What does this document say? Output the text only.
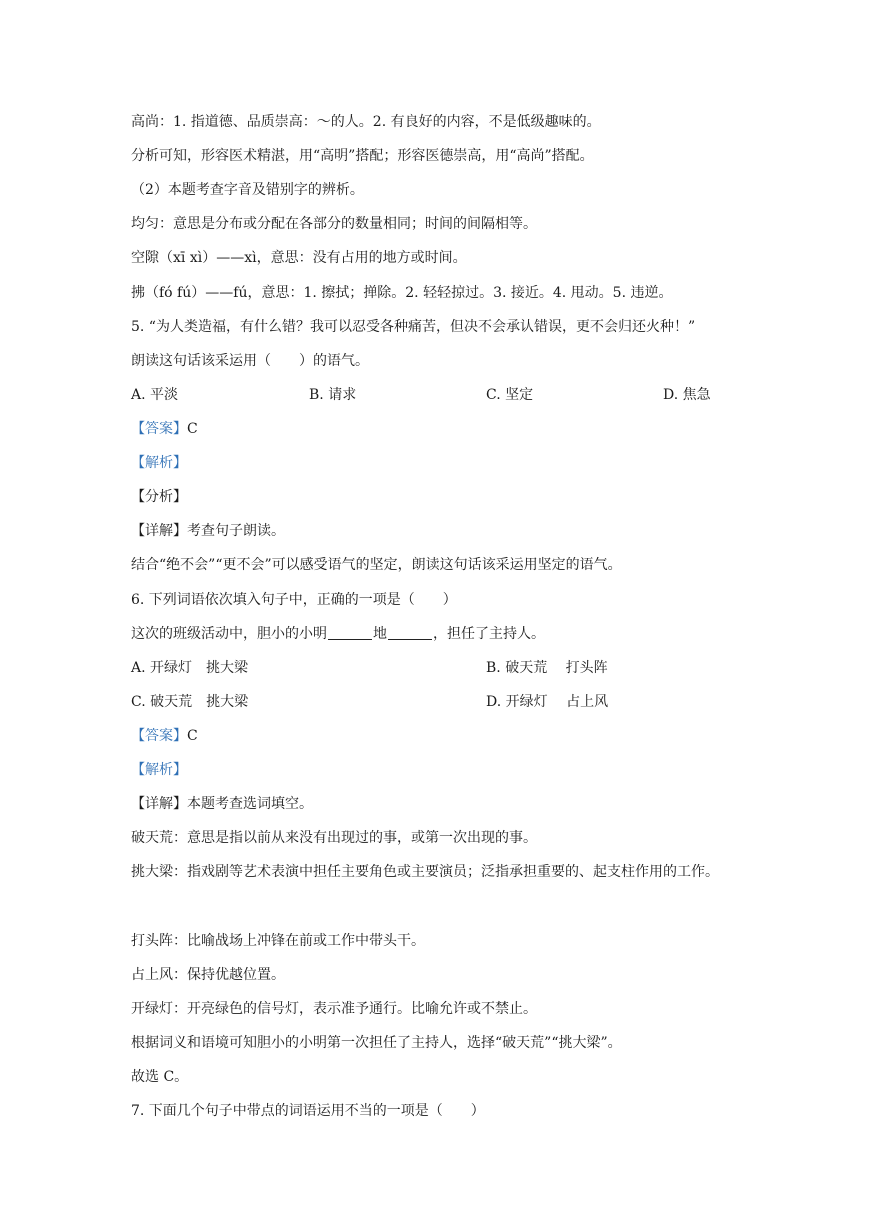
高尚：1. 指道德、品质崇高：～的人。2. 有良好的内容，不是低级趣味的。
分析可知，形容医术精湛，用“高明”搭配；形容医德崇高，用“高尚”搭配。
（2）本题考查字音及错别字的辨析。
均匀：意思是分布或分配在各部分的数量相同；时间的间隔相等。
空隙（xī xì）——xì，意思：没有占用的地方或时间。
拂（fó fú）——fú，意思：1. 擦拭；掸除。2. 轻轻掠过。3. 接近。4. 甩动。5. 违逆。
5. “为人类造福，有什么错？我可以忍受各种痛苦，但决不会承认错误，更不会归还火种！”
朗读这句话该采运用（　　）的语气。
A. 平淡	B. 请求	C. 坚定	D. 焦急
【答案】C
【解析】
【分析】
【详解】考查句子朗读。
结合“绝不会”“更不会”可以感受语气的坚定，朗读这句话该采运用坚定的语气。
6. 下列词语依次填入句子中，正确的一项是（　　）
这次的班级活动中，胆小的小明	地	，担任了主持人。
A. 开绿灯　挑大梁	B. 破天荒　 打头阵
C. 破天荒　挑大梁	D. 开绿灯　 占上风
【答案】C
【解析】
【详解】本题考查选词填空。
破天荒：意思是指以前从来没有出现过的事，或第一次出现的事。
挑大梁：指戏剧等艺术表演中担任主要角色或主要演员；泛指承担重要的、起支柱作用的工作。
打头阵：比喻战场上冲锋在前或工作中带头干。
占上风：保持优越位置。
开绿灯：开亮绿色的信号灯，表示准予通行。比喻允许或不禁止。
根据词义和语境可知胆小的小明第一次担任了主持人，选择“破天荒”“挑大梁”。
故选 C。
7. 下面几个句子中带点的词语运用不当的一项是（　　）
